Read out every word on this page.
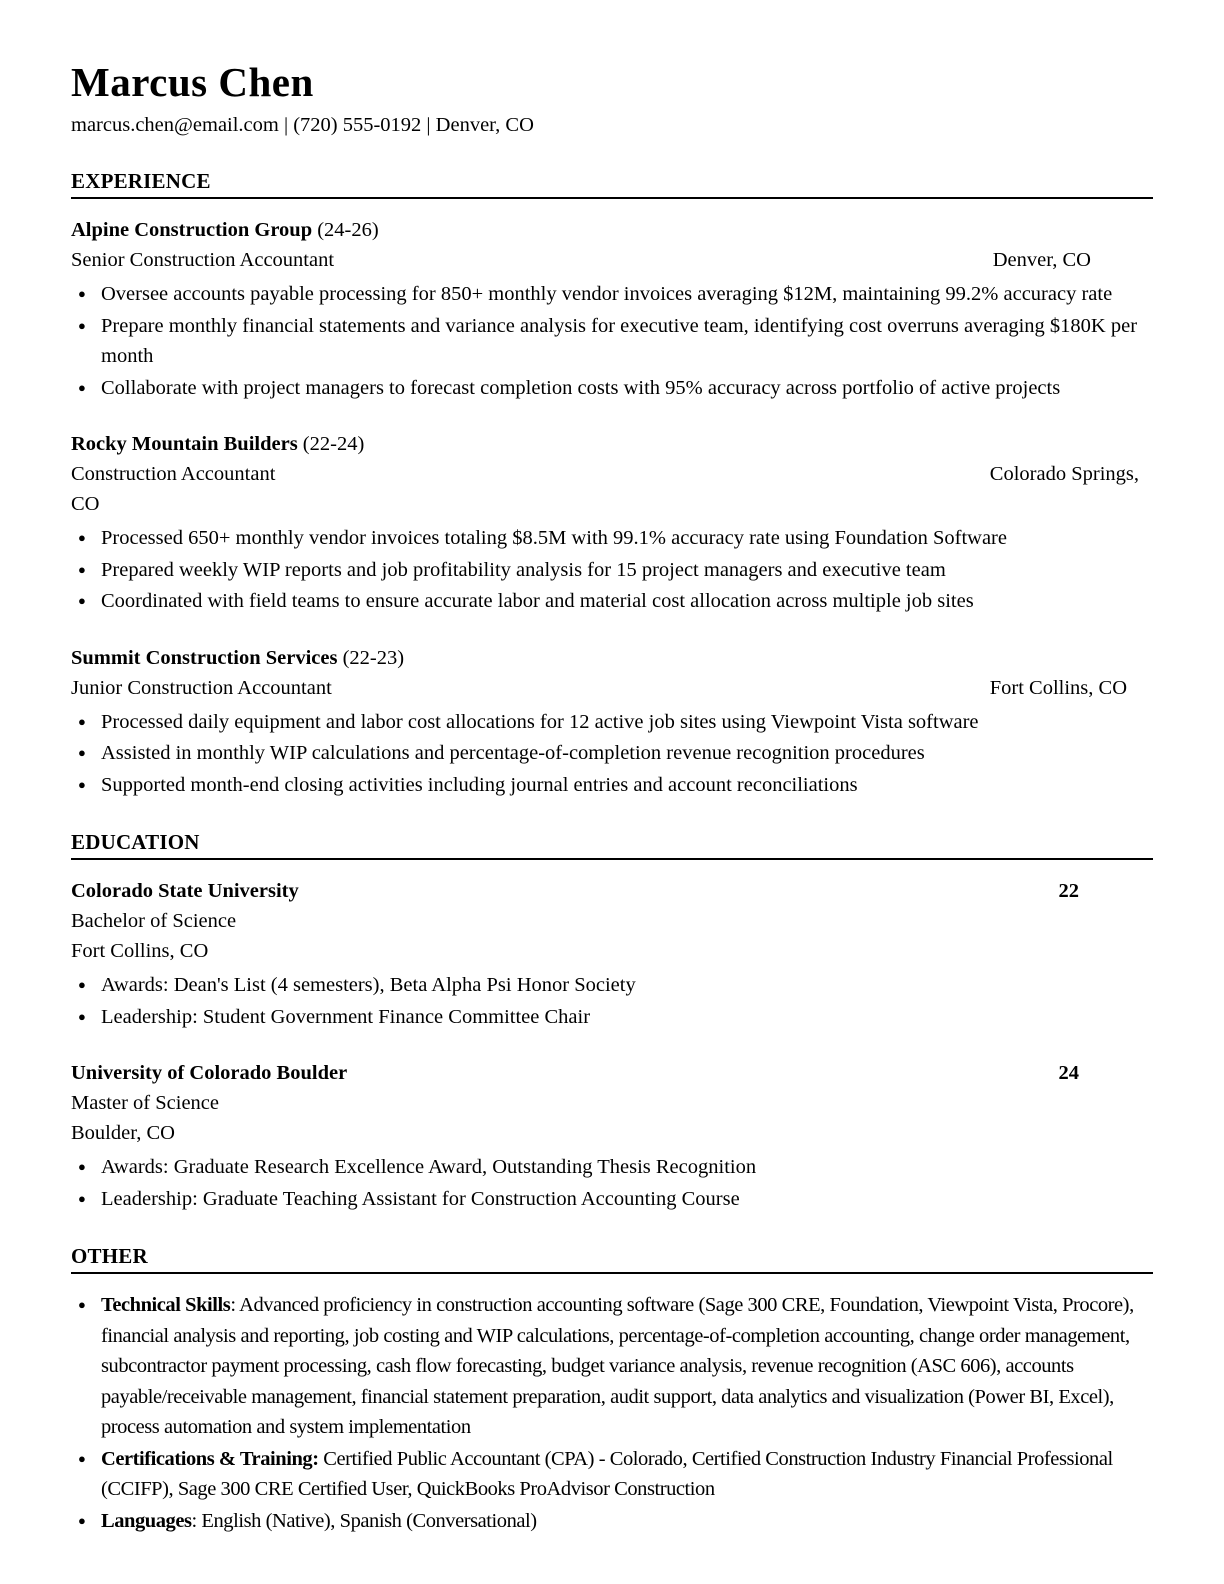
Marcus Chen
marcus.chen@email.com | (720) 555-0192 | Denver, CO
EXPERIENCE
Alpine Construction Group (24-26)
Senior Construction Accountant	Denver, CO
● Oversee accounts payable processing for 850+ monthly vendor invoices averaging $12M, maintaining 99.2% accuracy rate
● Prepare monthly financial statements and variance analysis for executive team, identifying cost overruns averaging $180K per month
● Collaborate with project managers to forecast completion costs with 95% accuracy across portfolio of active projects
Rocky Mountain Builders (22-24)
Construction Accountant	Colorado Springs,
CO
● Processed 650+ monthly vendor invoices totaling $8.5M with 99.1% accuracy rate using Foundation Software
● Prepared weekly WIP reports and job profitability analysis for 15 project managers and executive team
● Coordinated with field teams to ensure accurate labor and material cost allocation across multiple job sites
Summit Construction Services (22-23)
Junior Construction Accountant	Fort Collins, CO
● Processed daily equipment and labor cost allocations for 12 active job sites using Viewpoint Vista software
● Assisted in monthly WIP calculations and percentage-of-completion revenue recognition procedures
● Supported month-end closing activities including journal entries and account reconciliations
EDUCATION
Colorado State University	22
Bachelor of Science
Fort Collins, CO
● Awards: Dean's List (4 semesters), Beta Alpha Psi Honor Society
● Leadership: Student Government Finance Committee Chair
University of Colorado Boulder	24
Master of Science
Boulder, CO
● Awards: Graduate Research Excellence Award, Outstanding Thesis Recognition
● Leadership: Graduate Teaching Assistant for Construction Accounting Course
OTHER
● Technical Skills: Advanced proficiency in construction accounting software (Sage 300 CRE, Foundation, Viewpoint Vista, Procore), financial analysis and reporting, job costing and WIP calculations, percentage-of-completion accounting, change order management, subcontractor payment processing, cash flow forecasting, budget variance analysis, revenue recognition (ASC 606), accounts payable/receivable management, financial statement preparation, audit support, data analytics and visualization (Power BI, Excel), process automation and system implementation
● Certifications & Training: Certified Public Accountant (CPA) - Colorado, Certified Construction Industry Financial Professional (CCIFP), Sage 300 CRE Certified User, QuickBooks ProAdvisor Construction
● Languages: English (Native), Spanish (Conversational)
